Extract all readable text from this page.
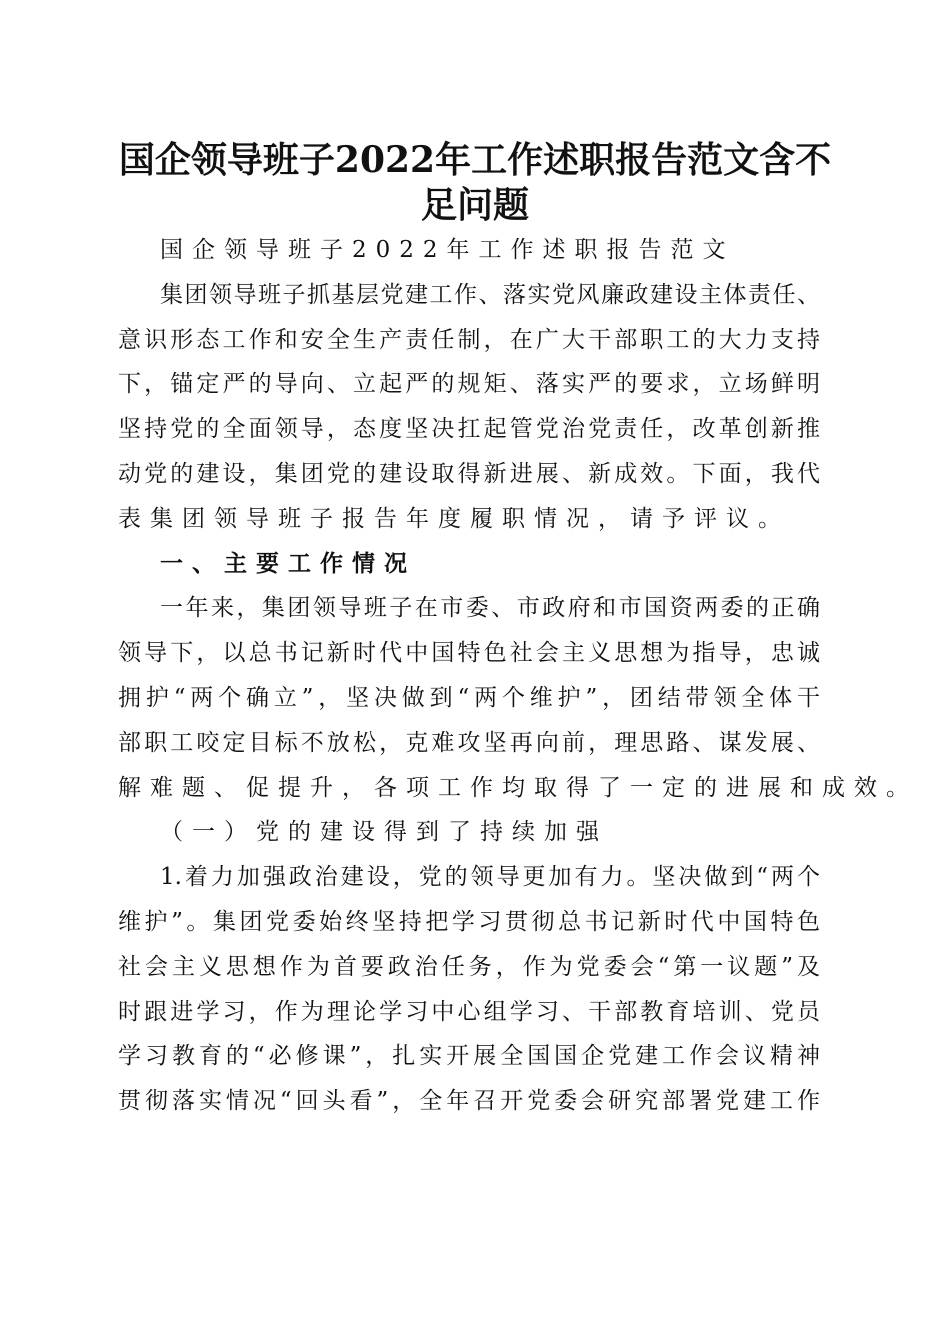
国企领导班子2022年工作述职报告范文含不
足问题
国企领导班子2022年工作述职报告范文
集团领导班子抓基层党建工作、落实党风廉政建设主体责任、
意识形态工作和安全生产责任制，在广大干部职工的大力支持
下，锚定严的导向、立起严的规矩、落实严的要求，立场鲜明
坚持党的全面领导，态度坚决扛起管党治党责任，改革创新推
动党的建设，集团党的建设取得新进展、新成效。下面，我代
表集团领导班子报告年度履职情况，请予评议。
一、主要工作情况
一年来，集团领导班子在市委、市政府和市国资两委的正确
领导下，以总书记新时代中国特色社会主义思想为指导，忠诚
拥护“两个确立”，坚决做到“两个维护”，团结带领全体干
部职工咬定目标不放松，克难攻坚再向前，理思路、谋发展、
解难题、促提升，各项工作均取得了一定的进展和成效。
（一）党的建设得到了持续加强
1.着力加强政治建设，党的领导更加有力。坚决做到“两个
维护”。集团党委始终坚持把学习贯彻总书记新时代中国特色
社会主义思想作为首要政治任务，作为党委会“第一议题”及
时跟进学习，作为理论学习中心组学习、干部教育培训、党员
学习教育的“必修课”，扎实开展全国国企党建工作会议精神
贯彻落实情况“回头看”，全年召开党委会研究部署党建工作
